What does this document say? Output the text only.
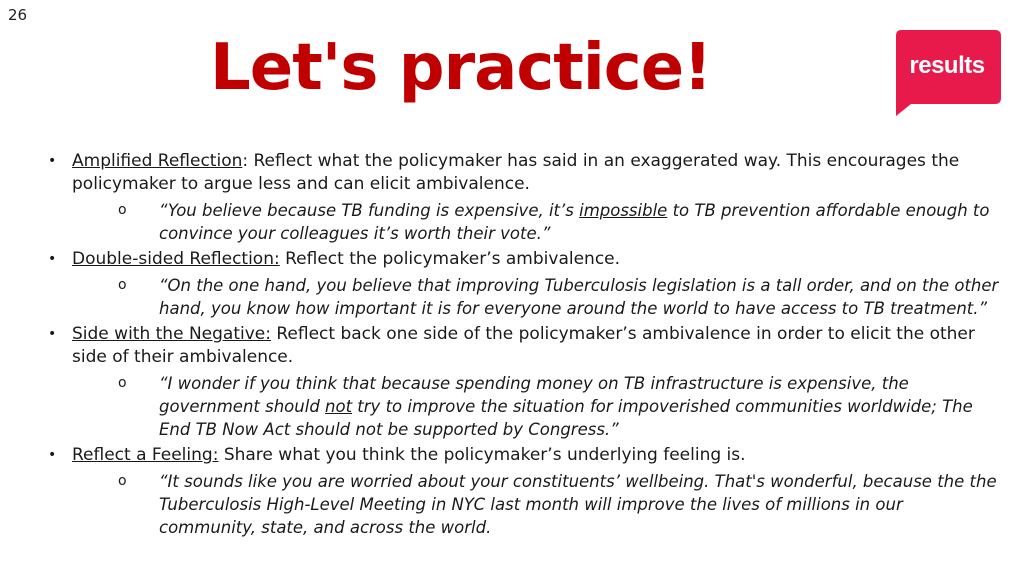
26
Let's practice!	results
• Amplified Reflection: Reflect what the policymaker has said in an exaggerated way. This encourages the policymaker to argue less and can elicit ambivalence.
o “You believe because TB funding is expensive, it’s impossible to TB prevention affordable enough to convince your colleagues it’s worth their vote.”
• Double-sided Reflection: Reflect the policymaker’s ambivalence.
o “On the one hand, you believe that improving Tuberculosis legislation is a tall order, and on the other hand, you know how important it is for everyone around the world to have access to TB treatment.”
• Side with the Negative: Reflect back one side of the policymaker’s ambivalence in order to elicit the other side of their ambivalence.
o “I wonder if you think that because spending money on TB infrastructure is expensive, the government should not try to improve the situation for impoverished communities worldwide; The End TB Now Act should not be supported by Congress.”
• Reflect a Feeling: Share what you think the policymaker’s underlying feeling is.
o “It sounds like you are worried about your constituents’ wellbeing. That's wonderful, because the the Tuberculosis High-Level Meeting in NYC last month will improve the lives of millions in our community, state, and across the world.
